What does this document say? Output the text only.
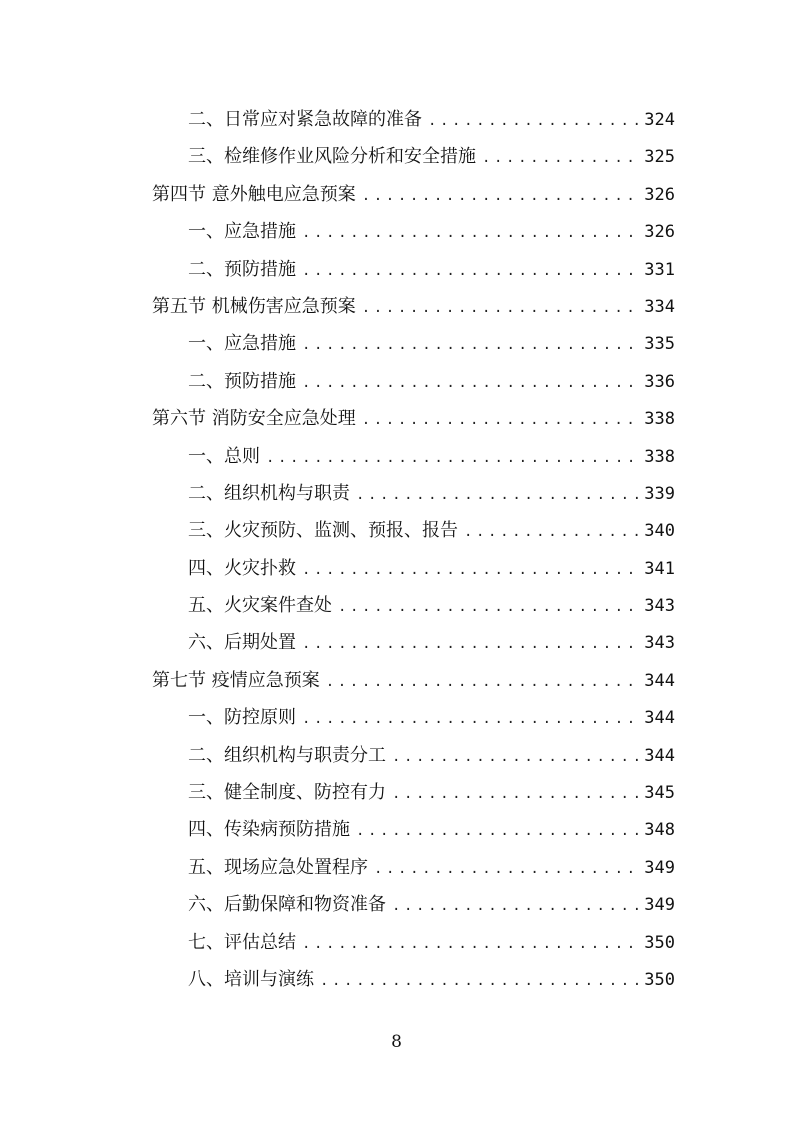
二、日常应对紧急故障的准备 .....	324
三、检维修作业风险分析和安全措施 .....	325
第四节 意外触电应急预案 .....	326
一、应急措施 .....	326
二、预防措施 .....	331
第五节 机械伤害应急预案 .....	334
一、应急措施 .....	335
二、预防措施 .....	336
第六节 消防安全应急处理 .....	338
一、总则 .....	338
二、组织机构与职责 .....	339
三、火灾预防、监测、预报、报告 .....	340
四、火灾扑救 .....	341
五、火灾案件查处 .....	343
六、后期处置 .....	343
第七节 疫情应急预案 .....	344
一、防控原则 .....	344
二、组织机构与职责分工 .....	344
三、健全制度、防控有力 .....	345
四、传染病预防措施 .....	348
五、现场应急处置程序 .....	349
六、后勤保障和物资准备 .....	349
七、评估总结 .....	350
八、培训与演练 .....	350
8
